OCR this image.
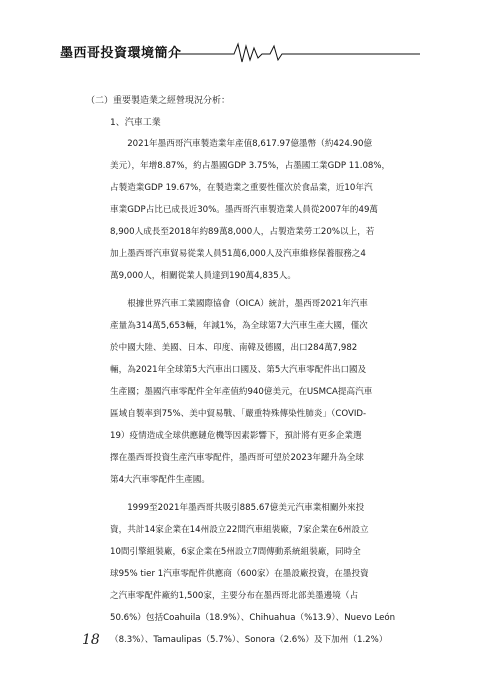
墨西哥投資環境簡介
（二）重要製造業之經營現況分析：
1、汽車工業
　　2021年墨西哥汽車製造業年產值8,617.97億墨幣（約424.90億
美元），年增8.87%，約占墨國GDP 3.75%，占墨國工業GDP 11.08%，
占製造業GDP 19.67%，在製造業之重要性僅次於食品業，近10年汽
車業GDP占比已成長近30%。墨西哥汽車製造業人員從2007年的49萬
8,900人成長至2018年約89萬8,000人，占製造業勞工20%以上，若
加上墨西哥汽車貿易從業人員51萬6,000人及汽車維修保養服務之4
萬9,000人，相關從業人員達到190萬4,835人。
　　根據世界汽車工業國際協會（OICA）統計，墨西哥2021年汽車
產量為314萬5,653輛，年減1%，為全球第7大汽車生產大國，僅次
於中國大陸、美國、日本、印度、南韓及德國，出口284萬7,982
輛，為2021年全球第5大汽車出口國及、第5大汽車零配件出口國及
生產國；墨國汽車零配件全年產值約940億美元，在USMCA提高汽車
區域自製率到75%、美中貿易戰、「嚴重特殊傳染性肺炎」（COVID-
19）疫情造成全球供應鏈危機等因素影響下，預計將有更多企業選
擇在墨西哥投資生產汽車零配件，墨西哥可望於2023年躍升為全球
第4大汽車零配件生產國。
　　1999至2021年墨西哥共吸引885.67億美元汽車業相關外來投
資，共計14家企業在14州設立22間汽車組裝廠，7家企業在6州設立
10間引擎組裝廠，6家企業在5州設立7間傳動系統組裝廠，同時全
球95% tier 1汽車零配件供應商（600家）在墨設廠投資，在墨投資
之汽車零配件廠約1,500家，主要分布在墨西哥北部美墨邊境（占
50.6%）包括Coahuila（18.9%）、Chihuahua（%13.9）、Nuevo León
（8.3%）、Tamaulipas（5.7%）、Sonora（2.6%）及下加州（1.2%）
18
